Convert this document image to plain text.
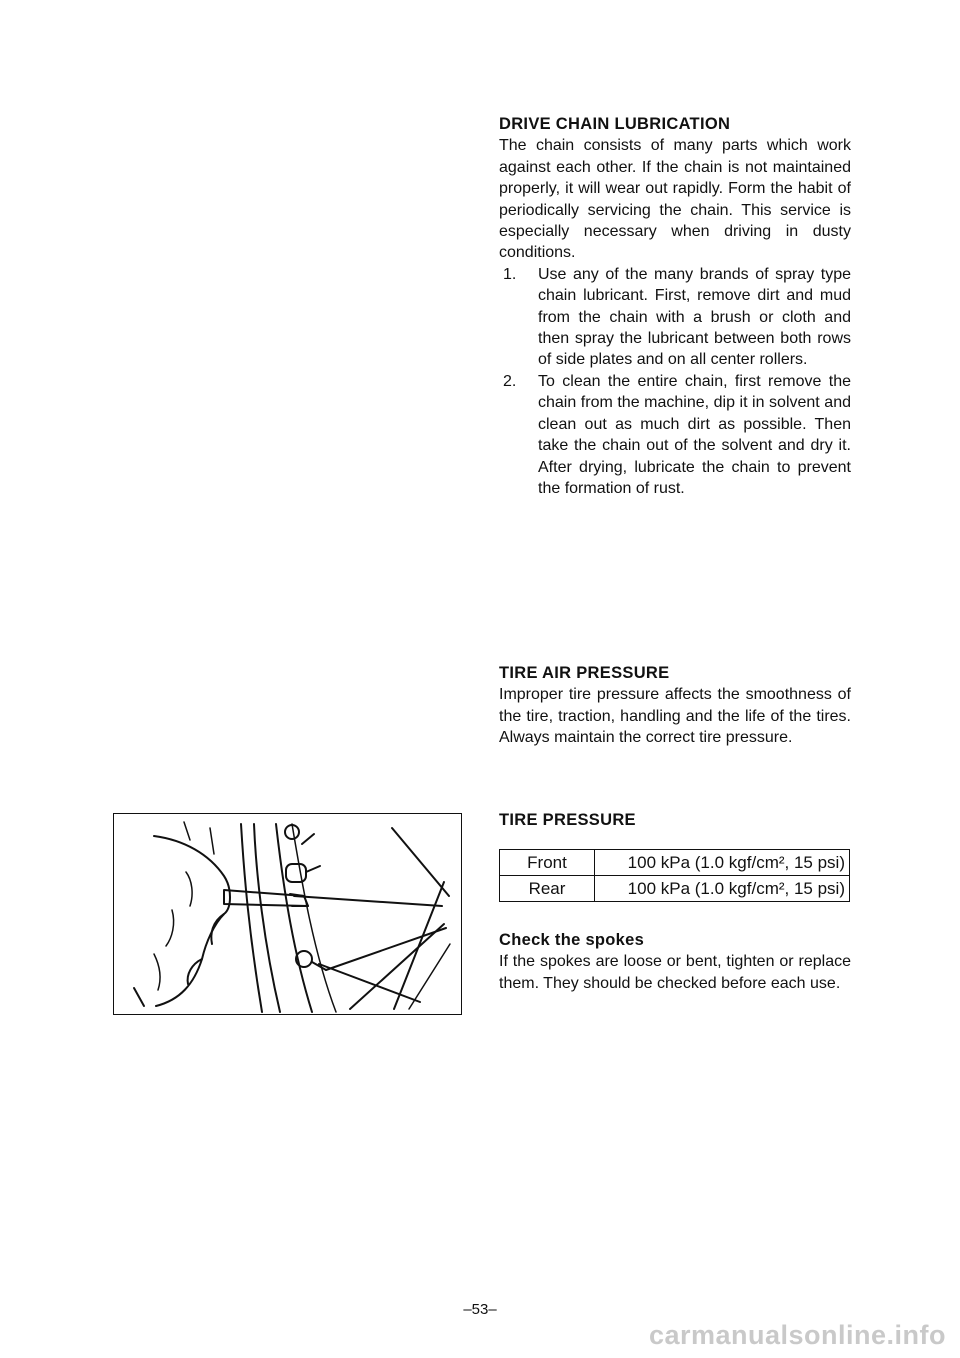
DRIVE CHAIN LUBRICATION
The chain consists of many parts which work against each other. If the chain is not maintained properly, it will wear out rapidly. Form the habit of periodically servicing the chain. This service is especially necessary when driving in dusty conditions.
1. Use any of the many brands of spray type chain lubricant. First, remove dirt and mud from the chain with a brush or cloth and then spray the lubricant between both rows of side plates and on all center rollers.
2. To clean the entire chain, first remove the chain from the machine, dip it in solvent and clean out as much dirt as possible. Then take the chain out of the solvent and dry it. After drying, lubricate the chain to prevent the formation of rust.
TIRE AIR PRESSURE
Improper tire pressure affects the smoothness of the tire, traction, handling and the life of the tires. Always maintain the correct tire pressure.
TIRE PRESSURE
Front	100 kPa (1.0 kgf/cm², 15 psi)
Rear	100 kPa (1.0 kgf/cm², 15 psi)
Check the spokes
If the spokes are loose or bent, tighten or replace them. They should be checked before each use.
–53–
carmanualsonline.info
